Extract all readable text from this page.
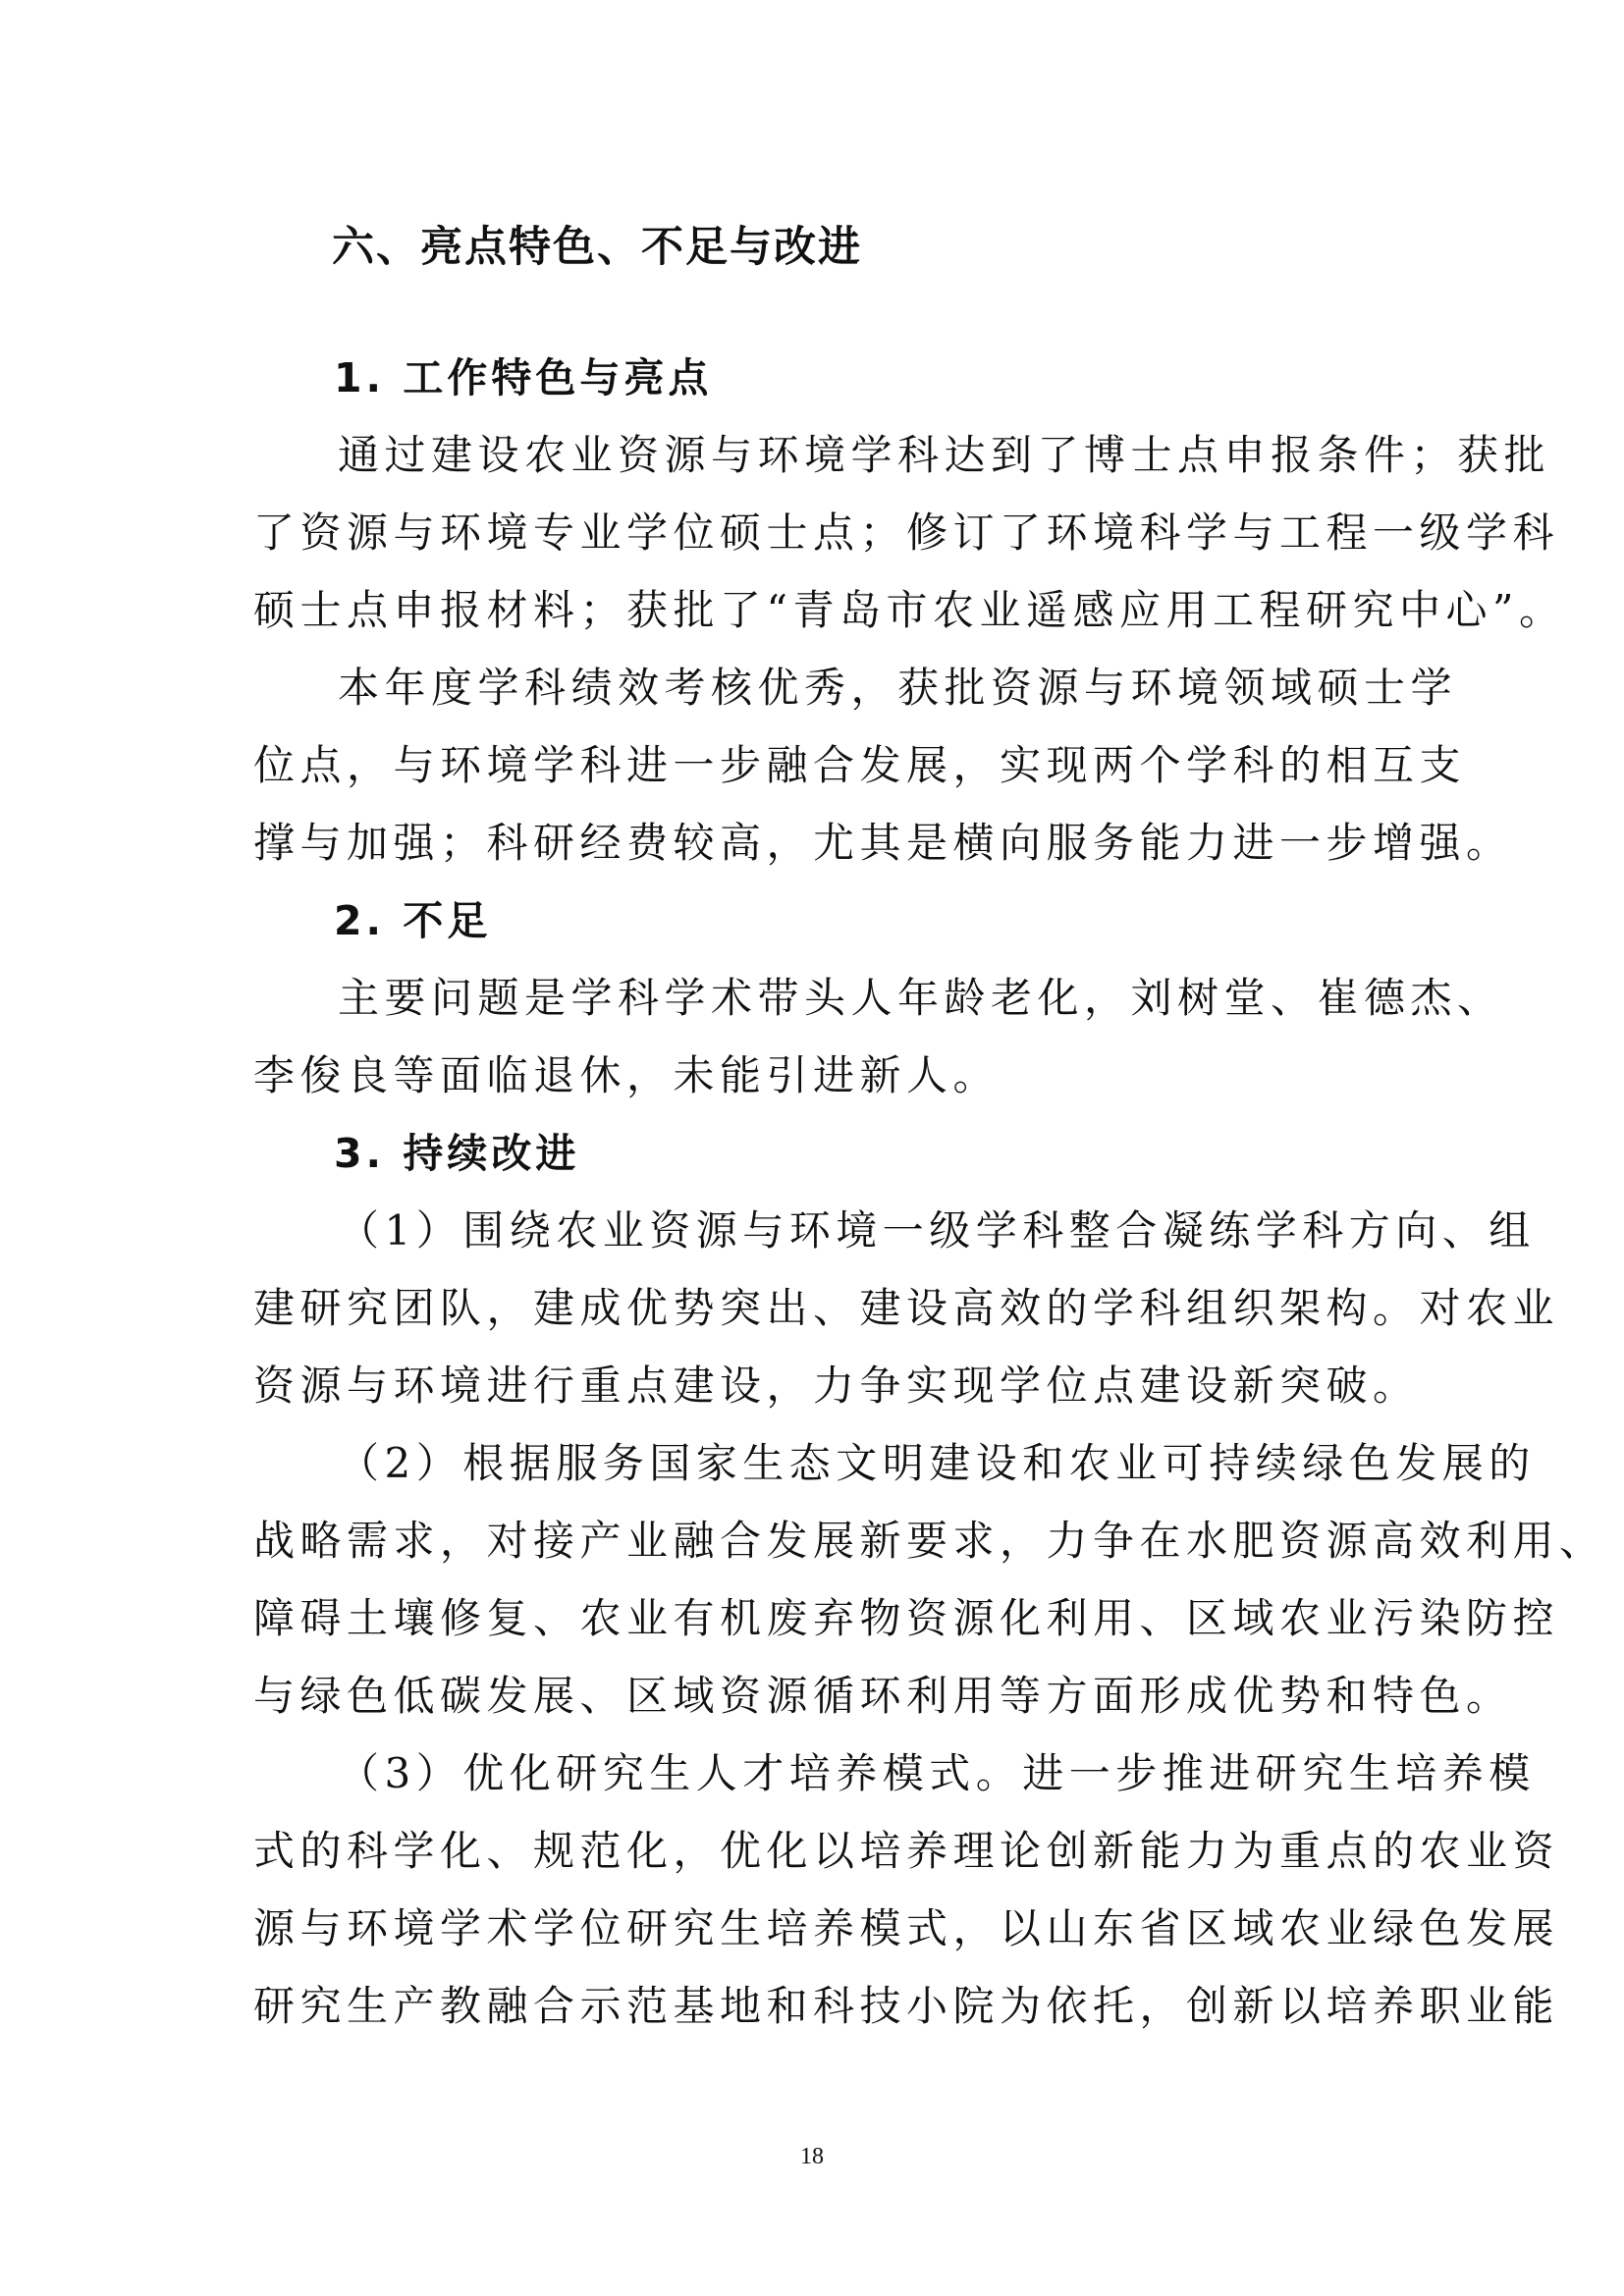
六、亮点特色、不足与改进
1. 工作特色与亮点
通过建设农业资源与环境学科达到了博士点申报条件；获批
了资源与环境专业学位硕士点；修订了环境科学与工程一级学科
硕士点申报材料；获批了“青岛市农业遥感应用工程研究中心”。
本年度学科绩效考核优秀，获批资源与环境领域硕士学
位点，与环境学科进一步融合发展，实现两个学科的相互支
撑与加强；科研经费较高，尤其是横向服务能力进一步增强。
2. 不足
主要问题是学科学术带头人年龄老化，刘树堂、崔德杰、
李俊良等面临退休，未能引进新人。
3. 持续改进
（1）围绕农业资源与环境一级学科整合凝练学科方向、组
建研究团队，建成优势突出、建设高效的学科组织架构。对农业
资源与环境进行重点建设，力争实现学位点建设新突破。
（2）根据服务国家生态文明建设和农业可持续绿色发展的
战略需求，对接产业融合发展新要求，力争在水肥资源高效利用、
障碍土壤修复、农业有机废弃物资源化利用、区域农业污染防控
与绿色低碳发展、区域资源循环利用等方面形成优势和特色。
（3）优化研究生人才培养模式。进一步推进研究生培养模
式的科学化、规范化，优化以培养理论创新能力为重点的农业资
源与环境学术学位研究生培养模式，以山东省区域农业绿色发展
研究生产教融合示范基地和科技小院为依托，创新以培养职业能
18
